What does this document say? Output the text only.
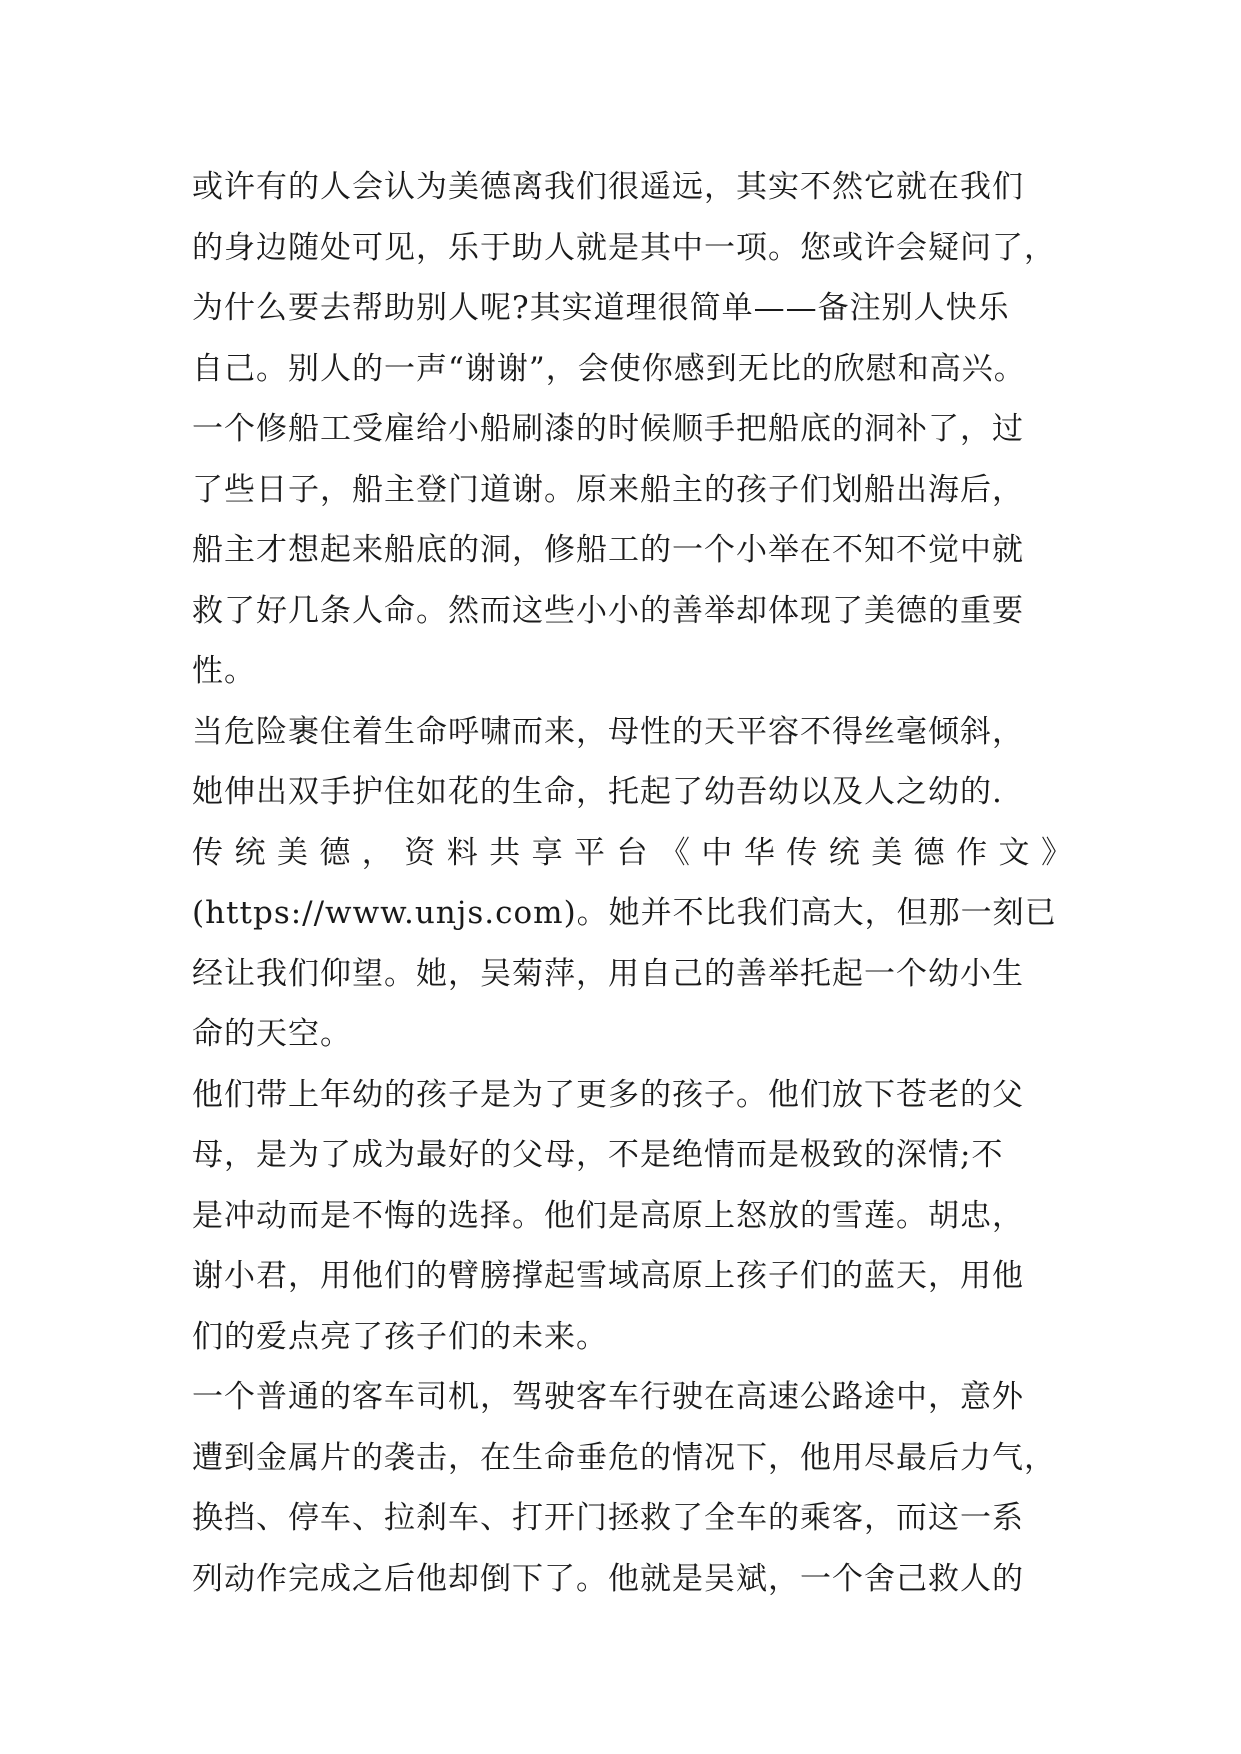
或许有的人会认为美德离我们很遥远，其实不然它就在我们
的身边随处可见，乐于助人就是其中一项。您或许会疑问了，
为什么要去帮助别人呢?其实道理很简单——备注别人快乐
自己。别人的一声“谢谢”，会使你感到无比的欣慰和高兴。
一个修船工受雇给小船刷漆的时候顺手把船底的洞补了，过
了些日子，船主登门道谢。原来船主的孩子们划船出海后，
船主才想起来船底的洞，修船工的一个小举在不知不觉中就
救了好几条人命。然而这些小小的善举却体现了美德的重要
性。
当危险裹住着生命呼啸而来，母性的天平容不得丝毫倾斜，
她伸出双手护住如花的生命，托起了幼吾幼以及人之幼的.
传 统 美 德 ， 资 料 共 享 平 台 《 中 华 传 统 美 德 作 文 》
(https://www.unjs.com)。她并不比我们高大，但那一刻已
经让我们仰望。她，吴菊萍，用自己的善举托起一个幼小生
命的天空。
他们带上年幼的孩子是为了更多的孩子。他们放下苍老的父
母，是为了成为最好的父母，不是绝情而是极致的深情;不
是冲动而是不悔的选择。他们是高原上怒放的雪莲。胡忠，
谢小君，用他们的臂膀撑起雪域高原上孩子们的蓝天，用他
们的爱点亮了孩子们的未来。
一个普通的客车司机，驾驶客车行驶在高速公路途中，意外
遭到金属片的袭击，在生命垂危的情况下，他用尽最后力气，
换挡、停车、拉刹车、打开门拯救了全车的乘客，而这一系
列动作完成之后他却倒下了。他就是吴斌，一个舍己救人的
